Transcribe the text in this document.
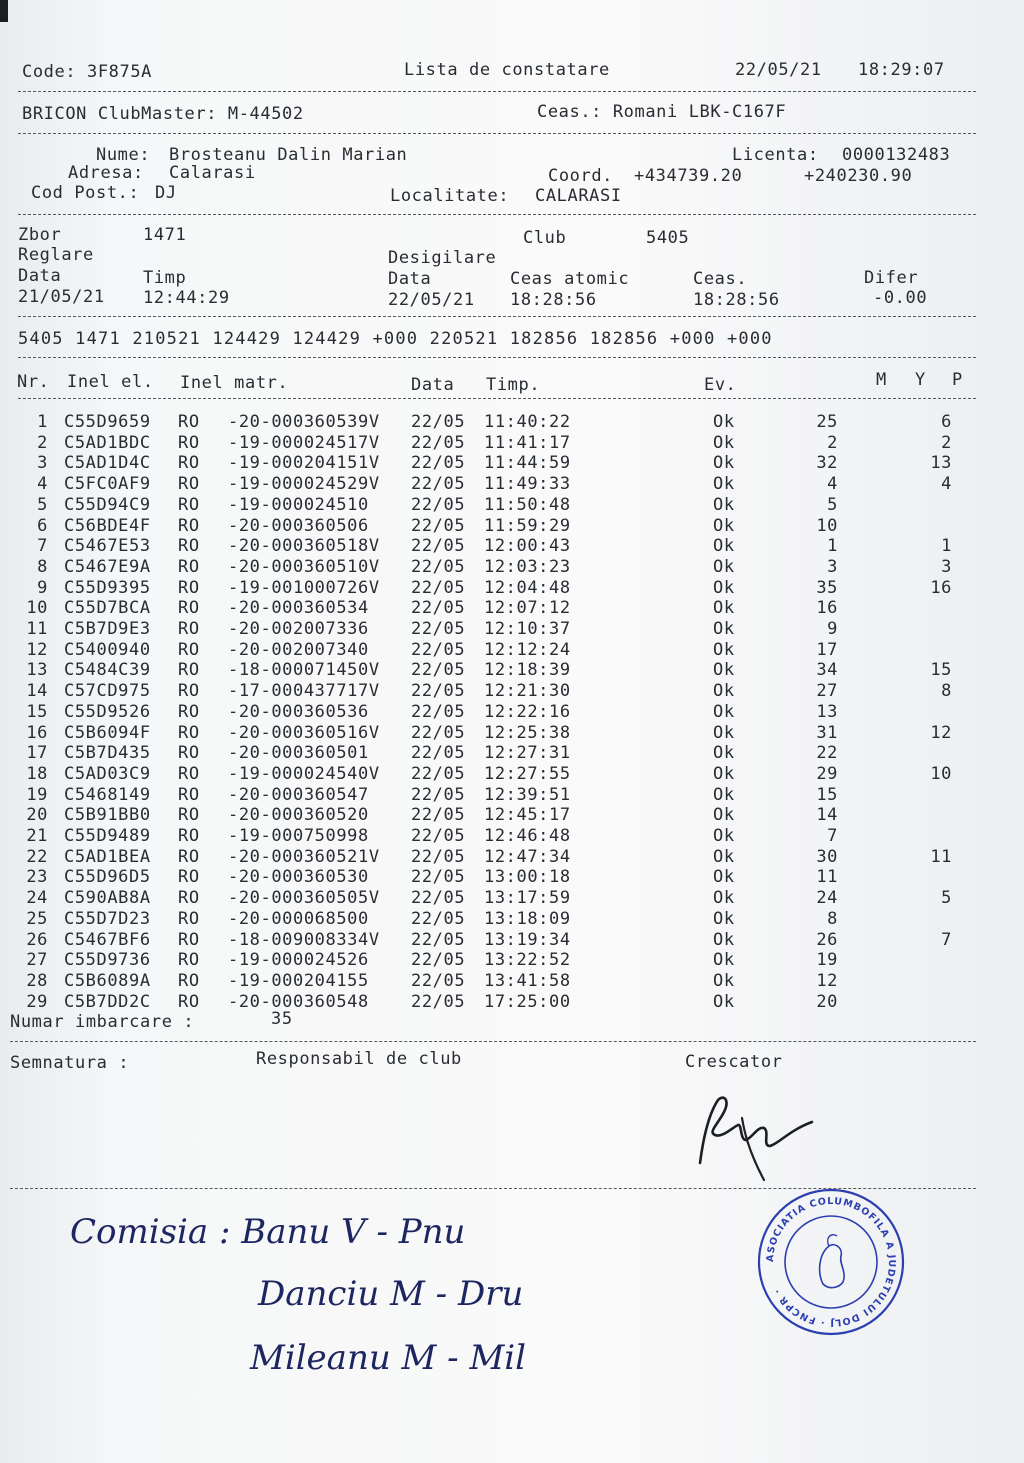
Code: 3F875A	Lista de constatare	22/05/21 18:29:07
BRICON ClubMaster: M-44502	Ceas.: Romani LBK-C167F
Nume: Brosteanu Dalin Marian	Licenta: 0000132483
Adresa: Calarasi	Coord. +434739.20	+240230.90
Cod Post.: DJ	Localitate: CALARASI
Zbor	1471	Club	5405
Reglare	Desigilare
Data	Timp	Data	Ceas atomic	Ceas.	Difer
21/05/21 12:44:29	22/05/21 18:28:56	18:28:56	-0.00
5405 1471 210521 124429 124429 +000 220521 182856 182856 +000 +000
Nr. Inel el. Inel matr.	Data Timp.	Ev.	M Y P
1 C55D9659 RO -20-000360539V 22/05 11:40:22	Ok	25	6
2 C5AD1BDC RO -19-000024517V 22/05 11:41:17	Ok	2	2
3 C5AD1D4C RO -19-000204151V 22/05 11:44:59	Ok	32	13
4 C5FC0AF9 RO -19-000024529V 22/05 11:49:33	Ok	4	4
5 C55D94C9 RO -19-000024510 22/05 11:50:48	Ok	5
6 C56BDE4F RO -20-000360506 22/05 11:59:29	Ok	10
7 C5467E53 RO -20-000360518V 22/05 12:00:43	Ok	1	1
8 C5467E9A RO -20-000360510V 22/05 12:03:23	Ok	3	3
9 C55D9395 RO -19-001000726V 22/05 12:04:48	Ok	35	16
10 C55D7BCA RO -20-000360534 22/05 12:07:12	Ok	16
11 C5B7D9E3 RO -20-002007336 22/05 12:10:37	Ok	9
12 C5400940 RO -20-002007340 22/05 12:12:24	Ok	17
13 C5484C39 RO -18-000071450V 22/05 12:18:39	Ok	34	15
14 C57CD975 RO -17-000437717V 22/05 12:21:30	Ok	27	8
15 C55D9526 RO -20-000360536 22/05 12:22:16	Ok	13
16 C5B6094F RO -20-000360516V 22/05 12:25:38	Ok	31	12
17 C5B7D435 RO -20-000360501 22/05 12:27:31	Ok	22
18 C5AD03C9 RO -19-000024540V 22/05 12:27:55	Ok	29	10
19 C5468149 RO -20-000360547 22/05 12:39:51	Ok	15
20 C5B91BB0 RO -20-000360520 22/05 12:45:17	Ok	14
21 C55D9489 RO -19-000750998 22/05 12:46:48	Ok	7
22 C5AD1BEA RO -20-000360521V 22/05 12:47:34	Ok	30	11
23 C55D96D5 RO -20-000360530 22/05 13:00:18	Ok	11
24 C590AB8A RO -20-000360505V 22/05 13:17:59	Ok	24	5
25 C55D7D23 RO -20-000068500 22/05 13:18:09	Ok	8
26 C5467BF6 RO -18-009008334V 22/05 13:19:34	Ok	26	7
27 C55D9736 RO -19-000024526 22/05 13:22:52	Ok	19
28 C5B6089A RO -19-000204155 22/05 13:41:58	Ok	12
29 C5B7DD2C RO -20-000360548 22/05 17:25:00	Ok	20
Numar imbarcare :	35
Semnatura :	Responsabil de club	Crescator
Comisia : Banu V - Pnu
Danciu M - Dru
Mileanu M - Mil
ASOCIATIA COLUMBOFILA A JUDETULUI DOLJ · FNCPR ·
